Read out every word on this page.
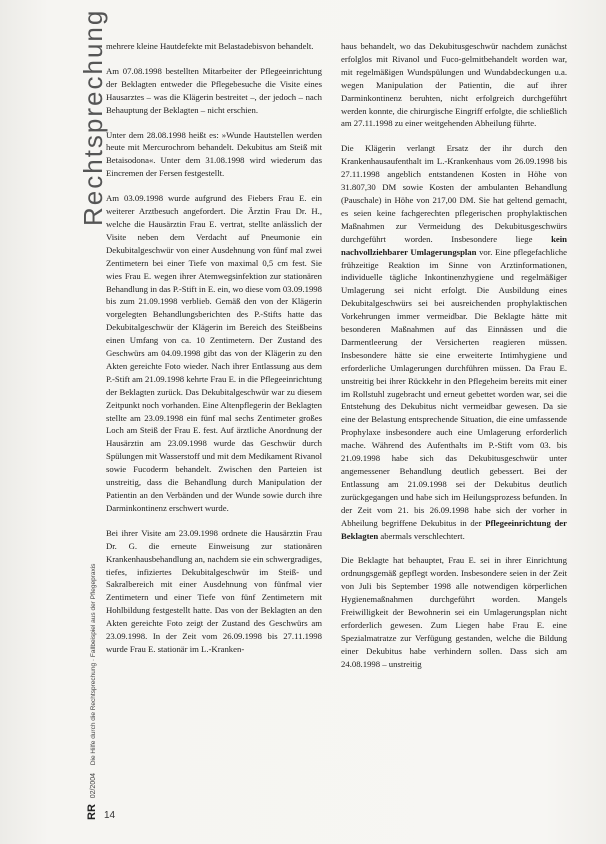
Rechtsprechung
RR 02/2004 Die Hilfe durch die Rechtsprechung · Fallbeispiel aus der Pflegepraxis

mehrere kleine Hautdefekte mit Belastadebisvon behandelt.

Am 07.08.1998 bestellten Mitarbeiter der Pflegeeinrichtung der Beklagten entweder die Pflegebesuche die Visite eines Hausarztes – was die Klägerin bestreitet –, der jedoch – nach Behauptung der Beklagten – nicht erschien.

Unter dem 28.08.1998 heißt es: »Wunde Hautstellen werden heute mit Mercurochrom behandelt. Dekubitus am Steiß mit Betaisodona«. Unter dem 31.08.1998 wird wiederum das Eincremen der Fersen festgestellt.

Am 03.09.1998 wurde aufgrund des Fiebers Frau E. ein weiterer Arztbesuch angefordert. Die Ärztin Frau Dr. H., welche die Hausärztin Frau E. vertrat, stellte anlässlich der Visite neben dem Verdacht auf Pneumonie ein Dekubitalgeschwür von einer Ausdehnung von fünf mal zwei Zentimetern bei einer Tiefe von maximal 0,5 cm fest. Sie wies Frau E. wegen ihrer Atemwegsinfektion zur stationären Behandlung in das P.-Stift in E. ein, wo diese vom 03.09.1998 bis zum 21.09.1998 verblieb. Gemäß den von der Klägerin vorgelegten Behandlungsberichten des P.-Stifts hatte das Dekubitalgeschwür der Klägerin im Bereich des Steißbeins einen Umfang von ca. 10 Zentimetern. Der Zustand des Geschwürs am 04.09.1998 gibt das von der Klägerin zu den Akten gereichte Foto wieder. Nach ihrer Entlassung aus dem P.-Stift am 21.09.1998 kehrte Frau E. in die Pflegeeinrichtung der Beklagten zurück. Das Dekubitalgeschwür war zu diesem Zeitpunkt noch vorhanden. Eine Altenpflegerin der Beklagten stellte am 23.09.1998 ein fünf mal sechs Zentimeter großes Loch am Steiß der Frau E. fest. Auf ärztliche Anordnung der Hausärztin am 23.09.1998 wurde das Geschwür durch Spülungen mit Wasserstoff und mit dem Medikament Rivanol sowie Fucoderm behandelt. Zwischen den Parteien ist unstreitig, dass die Behandlung durch Manipulation der Patientin an den Verbänden und der Wunde sowie durch ihre Darminkontinenz erschwert wurde.

Bei ihrer Visite am 23.09.1998 ordnete die Hausärztin Frau Dr. G. die erneute Einweisung zur stationären Krankenhausbehandlung an, nachdem sie ein schwergradiges, tiefes, infiziertes Dekubitalgeschwür im Steiß- und Sakralbereich mit einer Ausdehnung von fünfmal vier Zentimetern und einer Tiefe von fünf Zentimetern mit Hohlbildung festgestellt hatte. Das von der Beklagten an den Akten gereichte Foto zeigt der Zustand des Geschwürs am 23.09.1998. In der Zeit vom 26.09.1998 bis 27.11.1998 wurde Frau E. stationär im L.-Kranken-

haus behandelt, wo das Dekubitusgeschwür nachdem zunächst erfolglos mit Rivanol und Fuco-gelmitbehandelt worden war, mit regelmäßigen Wundspülungen und Wundabdeckungen u.a. wegen Manipulation der Patientin, die auf ihrer Darminkontinenz beruhten, nicht erfolgreich durchgeführt werden konnte, die chirurgische Eingriff erfolgte, die schließlich am 27.11.1998 zu einer weitgehenden Abheilung führte.

Die Klägerin verlangt Ersatz der ihr durch den Krankenhausaufenthalt im L.-Krankenhaus vom 26.09.1998 bis 27.11.1998 angeblich entstandenen Kosten in Höhe von 31.807,30 DM sowie Kosten der ambulanten Behandlung (Pauschale) in Höhe von 217,00 DM. Sie hat geltend gemacht, es seien keine fachgerechten pflegerischen prophylaktischen Maßnahmen zur Vermeidung des Dekubitusgeschwürs durchgeführt worden. Insbesondere liege kein nachvollziehbarer Umlagerungsplan vor. Eine pflegefachliche frühzeitige Reaktion im Sinne von Arztinformationen, individuelle tägliche Inkontinenzhygiene und regelmäßiger Umlagerung sei nicht erfolgt. Die Ausbildung eines Dekubitalgeschwürs sei bei ausreichenden prophylaktischen Vorkehrungen immer vermeidbar. Die Beklagte hätte mit besonderen Maßnahmen auf das Einnässen und die Darmentleerung der Versicherten reagieren müssen. Insbesondere hätte sie eine erweiterte Intimhygiene und erforderliche Umlagerungen durchführen müssen. Da Frau E. unstreitig bei ihrer Rückkehr in den Pflegeheim bereits mit einer im Rollstuhl zugebracht und erneut gebettet worden war, sei die Entstehung des Dekubitus nicht vermeidbar gewesen. Da sie eine der Belastung entsprechende Situation, die eine umfassende Prophylaxe insbesondere auch eine Umlagerung erforderlich mache. Während des Aufenthalts im P.-Stift vom 03. bis 21.09.1998 habe sich das Dekubitusgeschwür unter angemessener Behandlung deutlich gebessert. Bei der Entlassung am 21.09.1998 sei der Dekubitus deutlich zurückgegangen und habe sich im Heilungsprozess befunden. In der Zeit vom 21. bis 26.09.1998 habe sich der vorher in Abheilung begriffene Dekubitus in der Pflegeeinrichtung der Beklagten abermals verschlechtert.

Die Beklagte hat behauptet, Frau E. sei in ihrer Einrichtung ordnungsgemäß gepflegt worden. Insbesondere seien in der Zeit von Juli bis September 1998 alle notwendigen körperlichen Hygienemaßnahmen durchgeführt worden. Mangels Freiwilligkeit der Bewohnerin sei ein Umlagerungsplan nicht erforderlich gewesen. Zum Liegen habe Frau E. eine Spezialmatratze zur Verfügung gestanden, welche die Bildung einer Dekubitus habe verhindern sollen. Dass sich am 24.08.1998 – unstreitig

14
